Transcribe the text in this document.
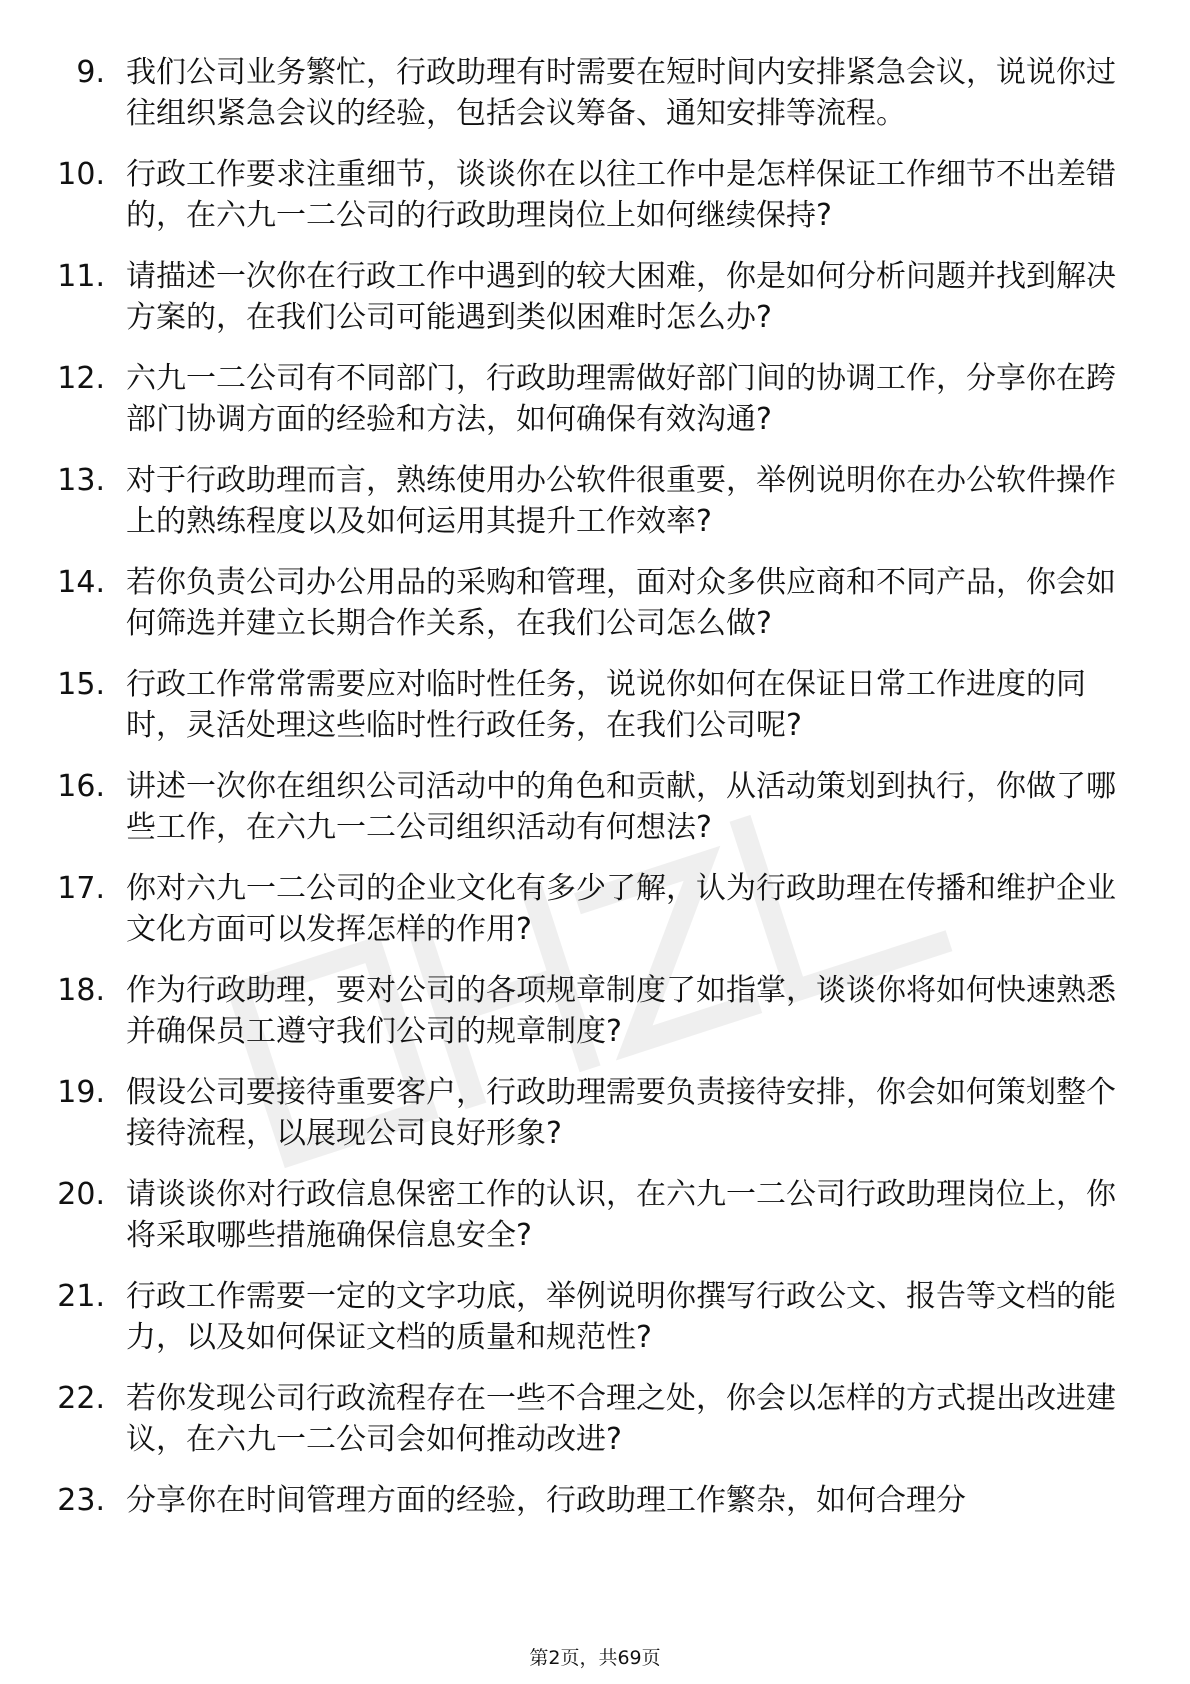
9. 我们公司业务繁忙，行政助理有时需要在短时间内安排紧急会议，说说你过往组织紧急会议的经验，包括会议筹备、通知安排等流程。
10. 行政工作要求注重细节，谈谈你在以往工作中是怎样保证工作细节不出差错的，在六九一二公司的行政助理岗位上如何继续保持?
11. 请描述一次你在行政工作中遇到的较大困难，你是如何分析问题并找到解决方案的，在我们公司可能遇到类似困难时怎么办?
12. 六九一二公司有不同部门，行政助理需做好部门间的协调工作，分享你在跨部门协调方面的经验和方法，如何确保有效沟通?
13. 对于行政助理而言，熟练使用办公软件很重要，举例说明你在办公软件操作上的熟练程度以及如何运用其提升工作效率?
14. 若你负责公司办公用品的采购和管理，面对众多供应商和不同产品，你会如何筛选并建立长期合作关系，在我们公司怎么做?
15. 行政工作常常需要应对临时性任务，说说你如何在保证日常工作进度的同时，灵活处理这些临时性行政任务，在我们公司呢?
16. 讲述一次你在组织公司活动中的角色和贡献，从活动策划到执行，你做了哪些工作，在六九一二公司组织活动有何想法?
17. 你对六九一二公司的企业文化有多少了解，认为行政助理在传播和维护企业文化方面可以发挥怎样的作用?
18. 作为行政助理，要对公司的各项规章制度了如指掌，谈谈你将如何快速熟悉并确保员工遵守我们公司的规章制度?
19. 假设公司要接待重要客户，行政助理需要负责接待安排，你会如何策划整个接待流程，以展现公司良好形象?
20. 请谈谈你对行政信息保密工作的认识，在六九一二公司行政助理岗位上，你将采取哪些措施确保信息安全?
21. 行政工作需要一定的文字功底，举例说明你撰写行政公文、报告等文档的能力，以及如何保证文档的质量和规范性?
22. 若你发现公司行政流程存在一些不合理之处，你会以怎样的方式提出改进建议，在六九一二公司会如何推动改进?
23. 分享你在时间管理方面的经验，行政助理工作繁杂，如何合理分
第2页，共69页
